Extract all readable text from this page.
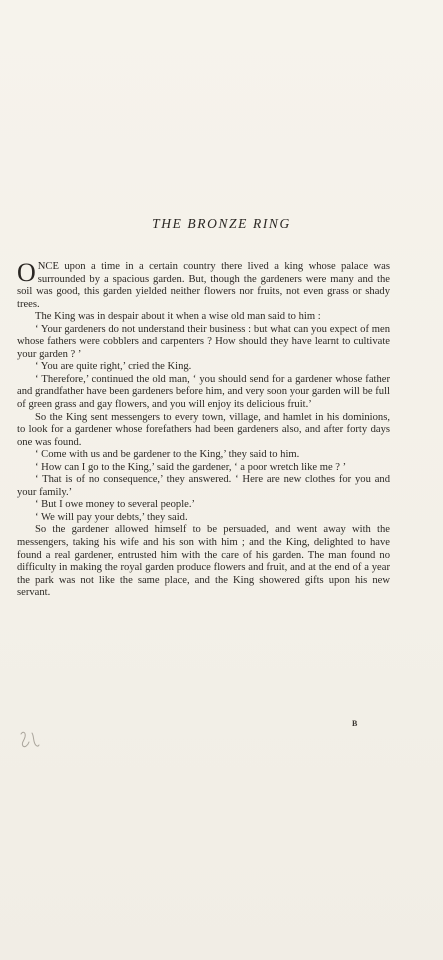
THE BRONZE RING

ONCE upon a time in a certain country there lived a king whose palace was surrounded by a spacious garden. But, though the gardeners were many and the soil was good, this garden yielded neither flowers nor fruits, not even grass or shady trees.

The King was in despair about it when a wise old man said to him :

‘ Your gardeners do not understand their business : but what can you expect of men whose fathers were cobblers and carpenters ? How should they have learnt to cultivate your garden ? ’

‘ You are quite right,’ cried the King.

‘ Therefore,’ continued the old man, ‘ you should send for a gardener whose father and grandfather have been gardeners before him, and very soon your garden will be full of green grass and gay flowers, and you will enjoy its delicious fruit.’

So the King sent messengers to every town, village, and hamlet in his dominions, to look for a gardener whose forefathers had been gardeners also, and after forty days one was found.

‘ Come with us and be gardener to the King,’ they said to him.

‘ How can I go to the King,’ said the gardener, ‘ a poor wretch like me ? ’

‘ That is of no consequence,’ they answered. ‘ Here are new clothes for you and your family.’

‘ But I owe money to several people.’

‘ We will pay your debts,’ they said.

So the gardener allowed himself to be persuaded, and went away with the messengers, taking his wife and his son with him ; and the King, delighted to have found a real gardener, entrusted him with the care of his garden. The man found no difficulty in making the royal garden produce flowers and fruit, and at the end of a year the park was not like the same place, and the King showered gifts upon his new servant.

B
